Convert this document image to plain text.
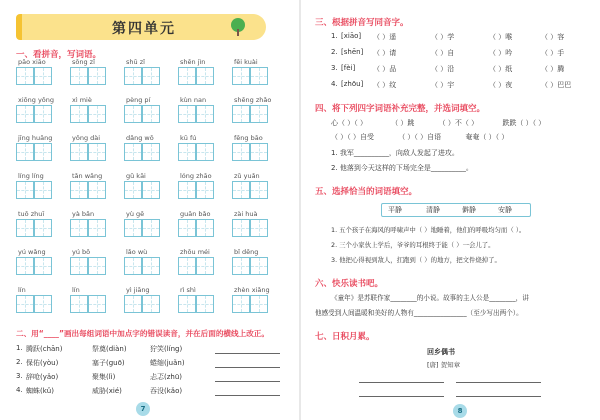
第四单元
一、看拼音，写词语。
pāo xiāo	sōng zǐ	shū zǐ	shēn jìn	fēi kuài
xiōng yǒng	xì miè	pèng pí	kùn nan	shēng zhǎo
jīng huāng	yǒng dài	dǎng wō	kū fú	fēng bāo
líng líng	tǎn wǎng	gǔ kāi	lóng zhāo	zǔ yuǎn
tuō zhuī	yà bǎn	yù gē	guān bǎo	zài huà
yú wǎng	yú bō	lǎo wù	zhōu méi	bǐ dēng
lín	lín	yì jiāng	rì shì	zhèn xiǎng
二、用“____”画出每组词语中加点字的错误读音，并在后面的横线上改正。
1. 腾跃(chān)	祭奠(diàn)	狞笑(líng)
2. 保佑(yòu)	塞子(guō)	蜷缩(juǎn)
3. 辞呛(yǎo)	聚集(lì)	忐忑(zhū)
4. 蜘蛛(kǔ)	威胁(xié)	吞没(kǎo)
7
三、根据拼音写同音字。
1. [xiāo] （ ）遥	（ ）学	（ ）喉	（ ）容
2. [shēn] （ ）请	（ ）自	（ ）吟	（ ）手
3. [fèi]	（ ）品	（ ）沿	（ ）纸	（ ）腾
4. [zhōu] （ ）纹	（ ）宇	（ ）夜	（ ）巴巴
四、将下列四字词语补充完整，并选词填空。
心（ ）（ ）	（ ）跳	（ ）不（ ）	跌跌（ ）（ ）
（ ）（ ）自受	（ ）（ ）自语	奄奄（ ）（ ）
1. 我军__________，向敌人发起了进攻。
2. 他落到今天这样的下场完全是__________。
五、选择恰当的词语填空。
平静	清静	僻静	安静
1. 五个孩子在海风的呼啸声中（ ）地睡着，他们的呼吸均匀而（ ）。
2. 三个小家伙上学后，爷爷的耳根终于能（ ）一会儿了。
3. 他把心得视到敌人，扛跑到（ ）的地方，把文件烧掉了。
六、快乐读书吧。
《童年》是苏联作家________的小说。故事的主人公是________，讲
他感受到人间温暖和美好的人物有________________（至少写出两个）。
七、日积月累。
回乡偶书
[唐] 贺知章
8
